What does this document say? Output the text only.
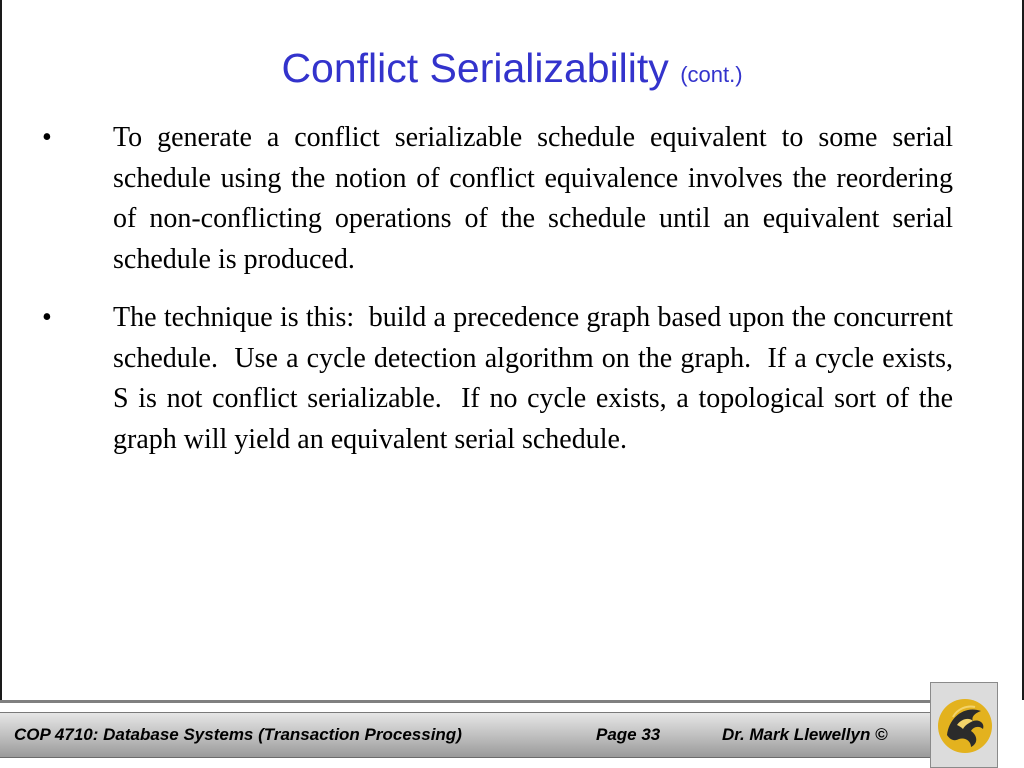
Conflict Serializability (cont.)
• To generate a conflict serializable schedule equivalent to some serial schedule using the notion of conflict equivalence involves the reordering of non-conflicting operations of the schedule until an equivalent serial schedule is produced.
• The technique is this:  build a precedence graph based upon the concurrent schedule.  Use a cycle detection algorithm on the graph.  If a cycle exists, S is not conflict serializable.  If no cycle exists, a topological sort of the graph will yield an equivalent serial schedule.
COP 4710: Database Systems (Transaction Processing)	Page 33	Dr. Mark Llewellyn ©
